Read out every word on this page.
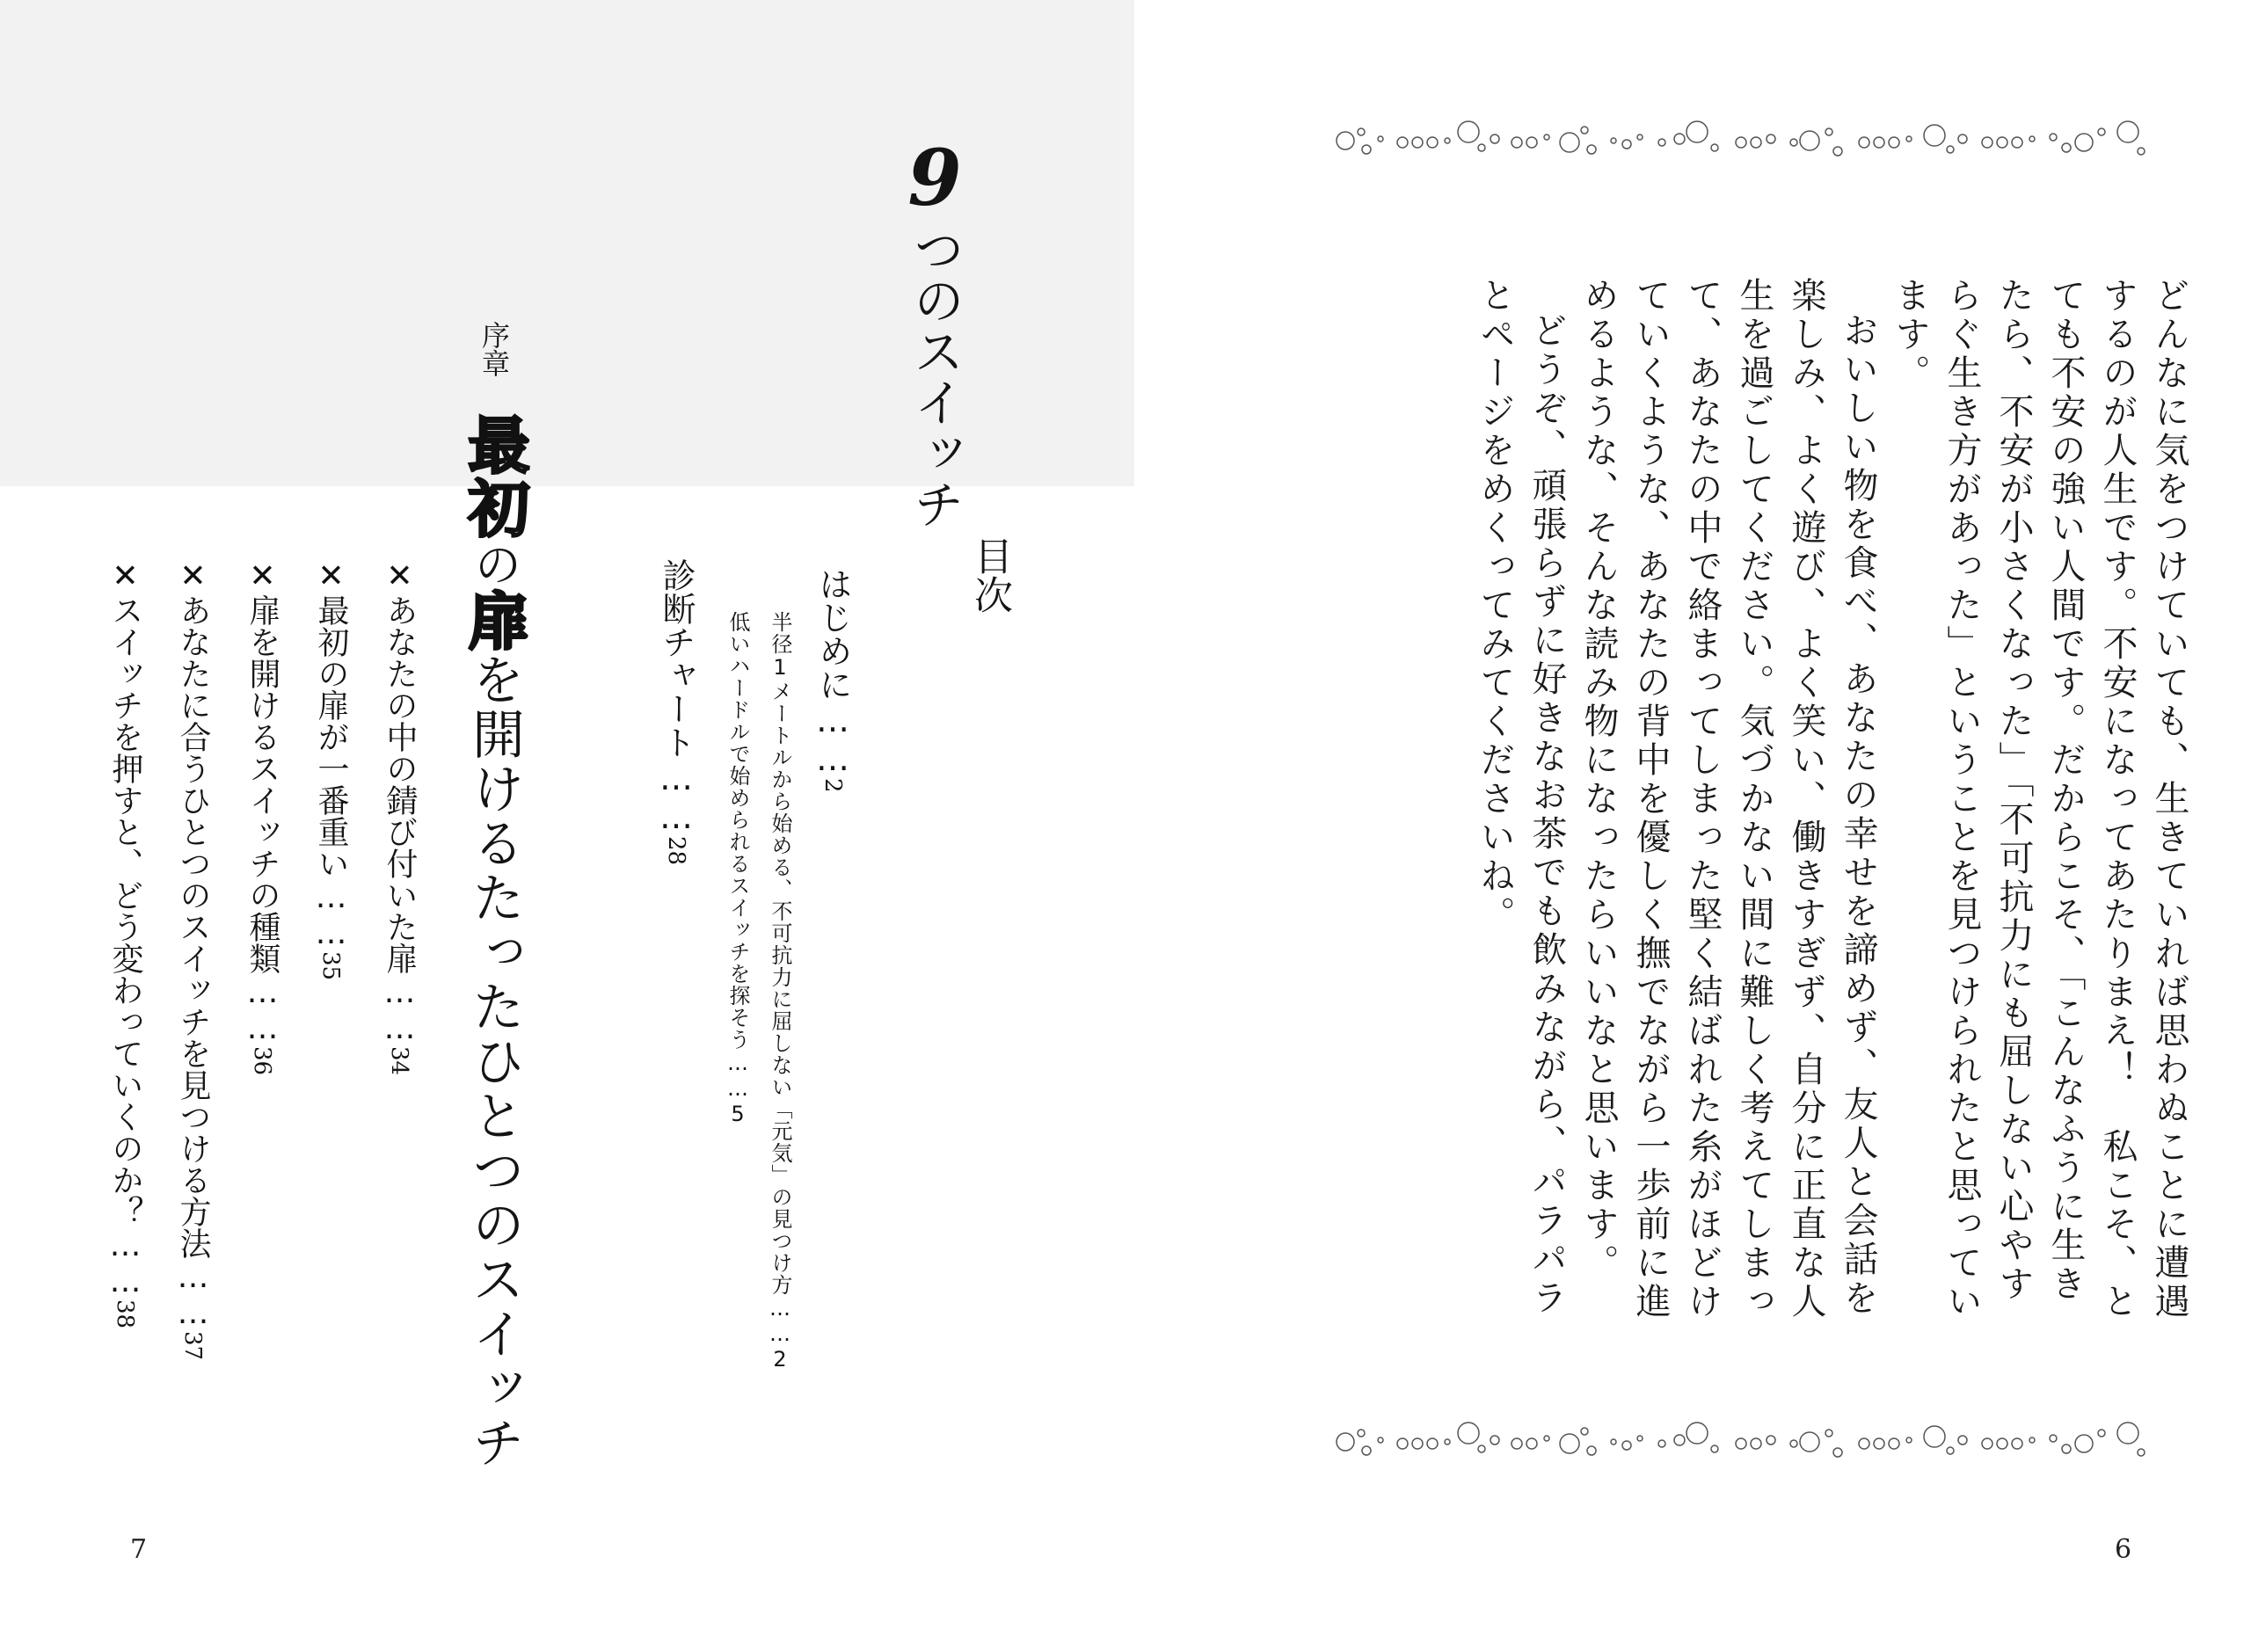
9つのスイッチ
目次
はじめに……2
半径1メートルから始める、不可抗力に屈しない「元気」の見つけ方……2
低いハードルで始められるスイッチを探そう……5
診断チャート……28
序章
最初の扉を開けるたったひとつのスイッチ
✕あなたの中の錆び付いた扉……34
✕最初の扉が一番重い……35
✕扉を開けるスイッチの種類……36
✕あなたに合うひとつのスイッチを見つける方法……37
✕スイッチを押すと、どう変わっていくのか？……38
7

どんなに気をつけていても、生きていれば思わぬことに遭遇するのが人生です。不安になってあたりまえ！　私こそ、とても不安の強い人間です。だからこそ、「こんなふうに生きたら、不安が小さくなった」「不可抗力にも屈しない心やすらぐ生き方があった」ということを見つけられたと思っています。

おいしい物を食べ、あなたの幸せを諦めず、友人と会話を楽しみ、よく遊び、よく笑い、働きすぎず、自分に正直な人生を過ごしてください。気づかない間に難しく考えてしまって、あなたの中で絡まってしまった堅く結ばれた糸がほどけていくような、あなたの背中を優しく撫でながら一歩前に進めるような、そんな読み物になったらいいなと思います。

どうぞ、頑張らずに好きなお茶でも飲みながら、パラパラとページをめくってみてくださいね。

6
